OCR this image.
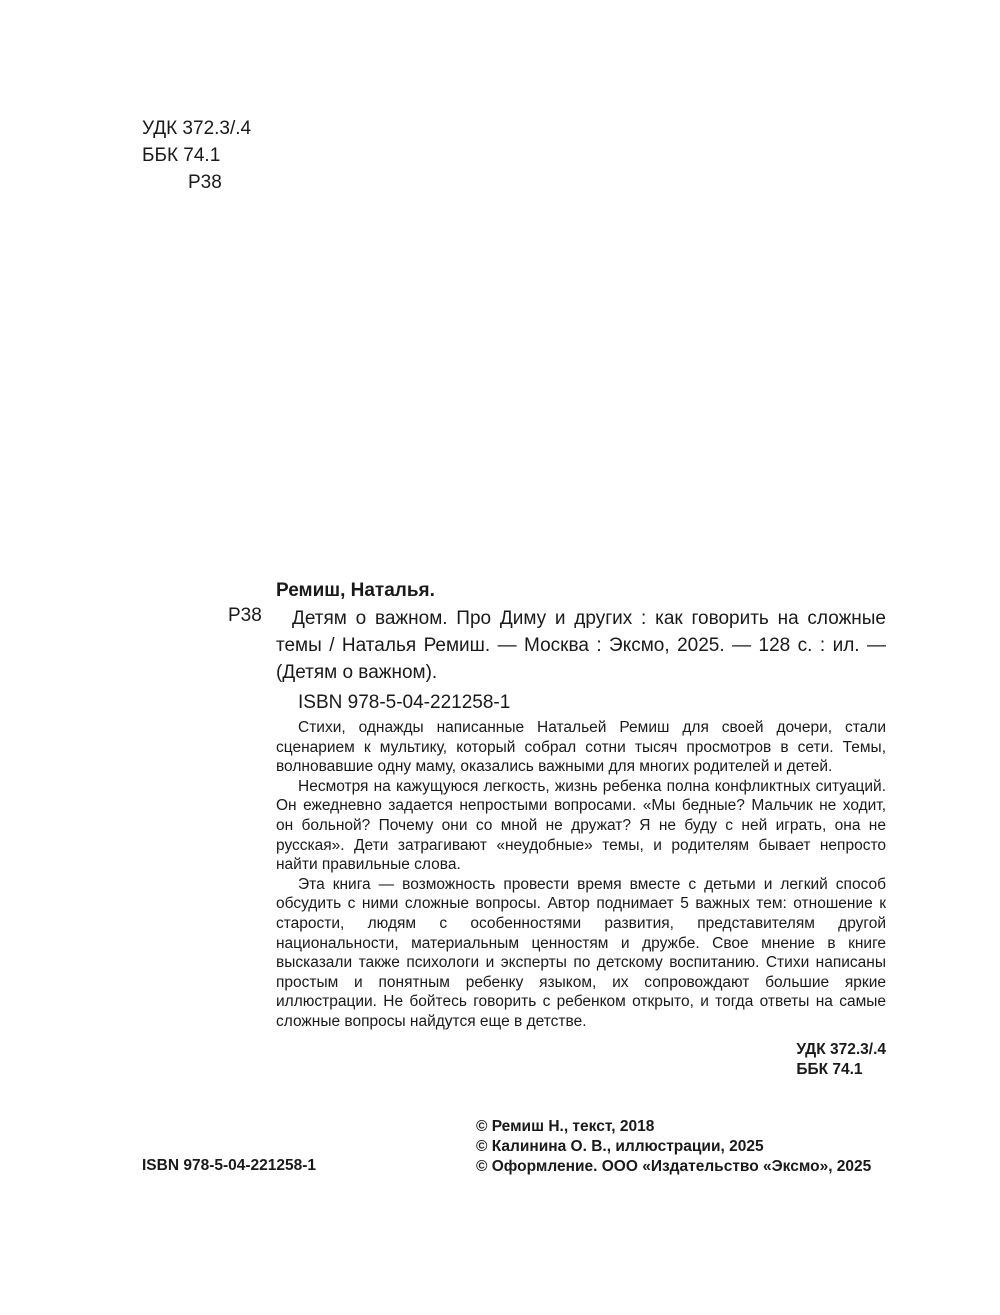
УДК 372.3/.4
ББК 74.1
Р38
Ремиш, Наталья.
Р38	Детям о важном. Про Диму и других : как говорить на сложные темы / Наталья Ремиш. — Москва : Эксмо, 2025. — 128 с. : ил. — (Детям о важном).
ISBN 978-5-04-221258-1

Стихи, однажды написанные Натальей Ремиш для своей дочери, стали сценарием к мультику, который собрал сотни тысяч просмотров в сети. Темы, волновавшие одну маму, оказались важными для многих родителей и детей.

Несмотря на кажущуюся легкость, жизнь ребенка полна конфликтных ситуаций. Он ежедневно задается непростыми вопросами. «Мы бедные? Мальчик не ходит, он больной? Почему они со мной не дружат? Я не буду с ней играть, она не русская». Дети затрагивают «неудобные» темы, и родителям бывает непросто найти правильные слова.

Эта книга — возможность провести время вместе с детьми и легкий способ обсудить с ними сложные вопросы. Автор поднимает 5 важных тем: отношение к старости, людям с особенностями развития, представителям другой национальности, материальным ценностям и дружбе. Свое мнение в книге высказали также психологи и эксперты по детскому воспитанию. Стихи написаны простым и понятным ребенку языком, их сопровождают большие яркие иллюстрации. Не бойтесь говорить с ребенком открыто, и тогда ответы на самые сложные вопросы найдутся еще в детстве.

УДК 372.3/.4
ББК 74.1
ISBN 978-5-04-221258-1
© Ремиш Н., текст, 2018
© Калинина О. В., иллюстрации, 2025
© Оформление. ООО «Издательство «Эксмо», 2025
